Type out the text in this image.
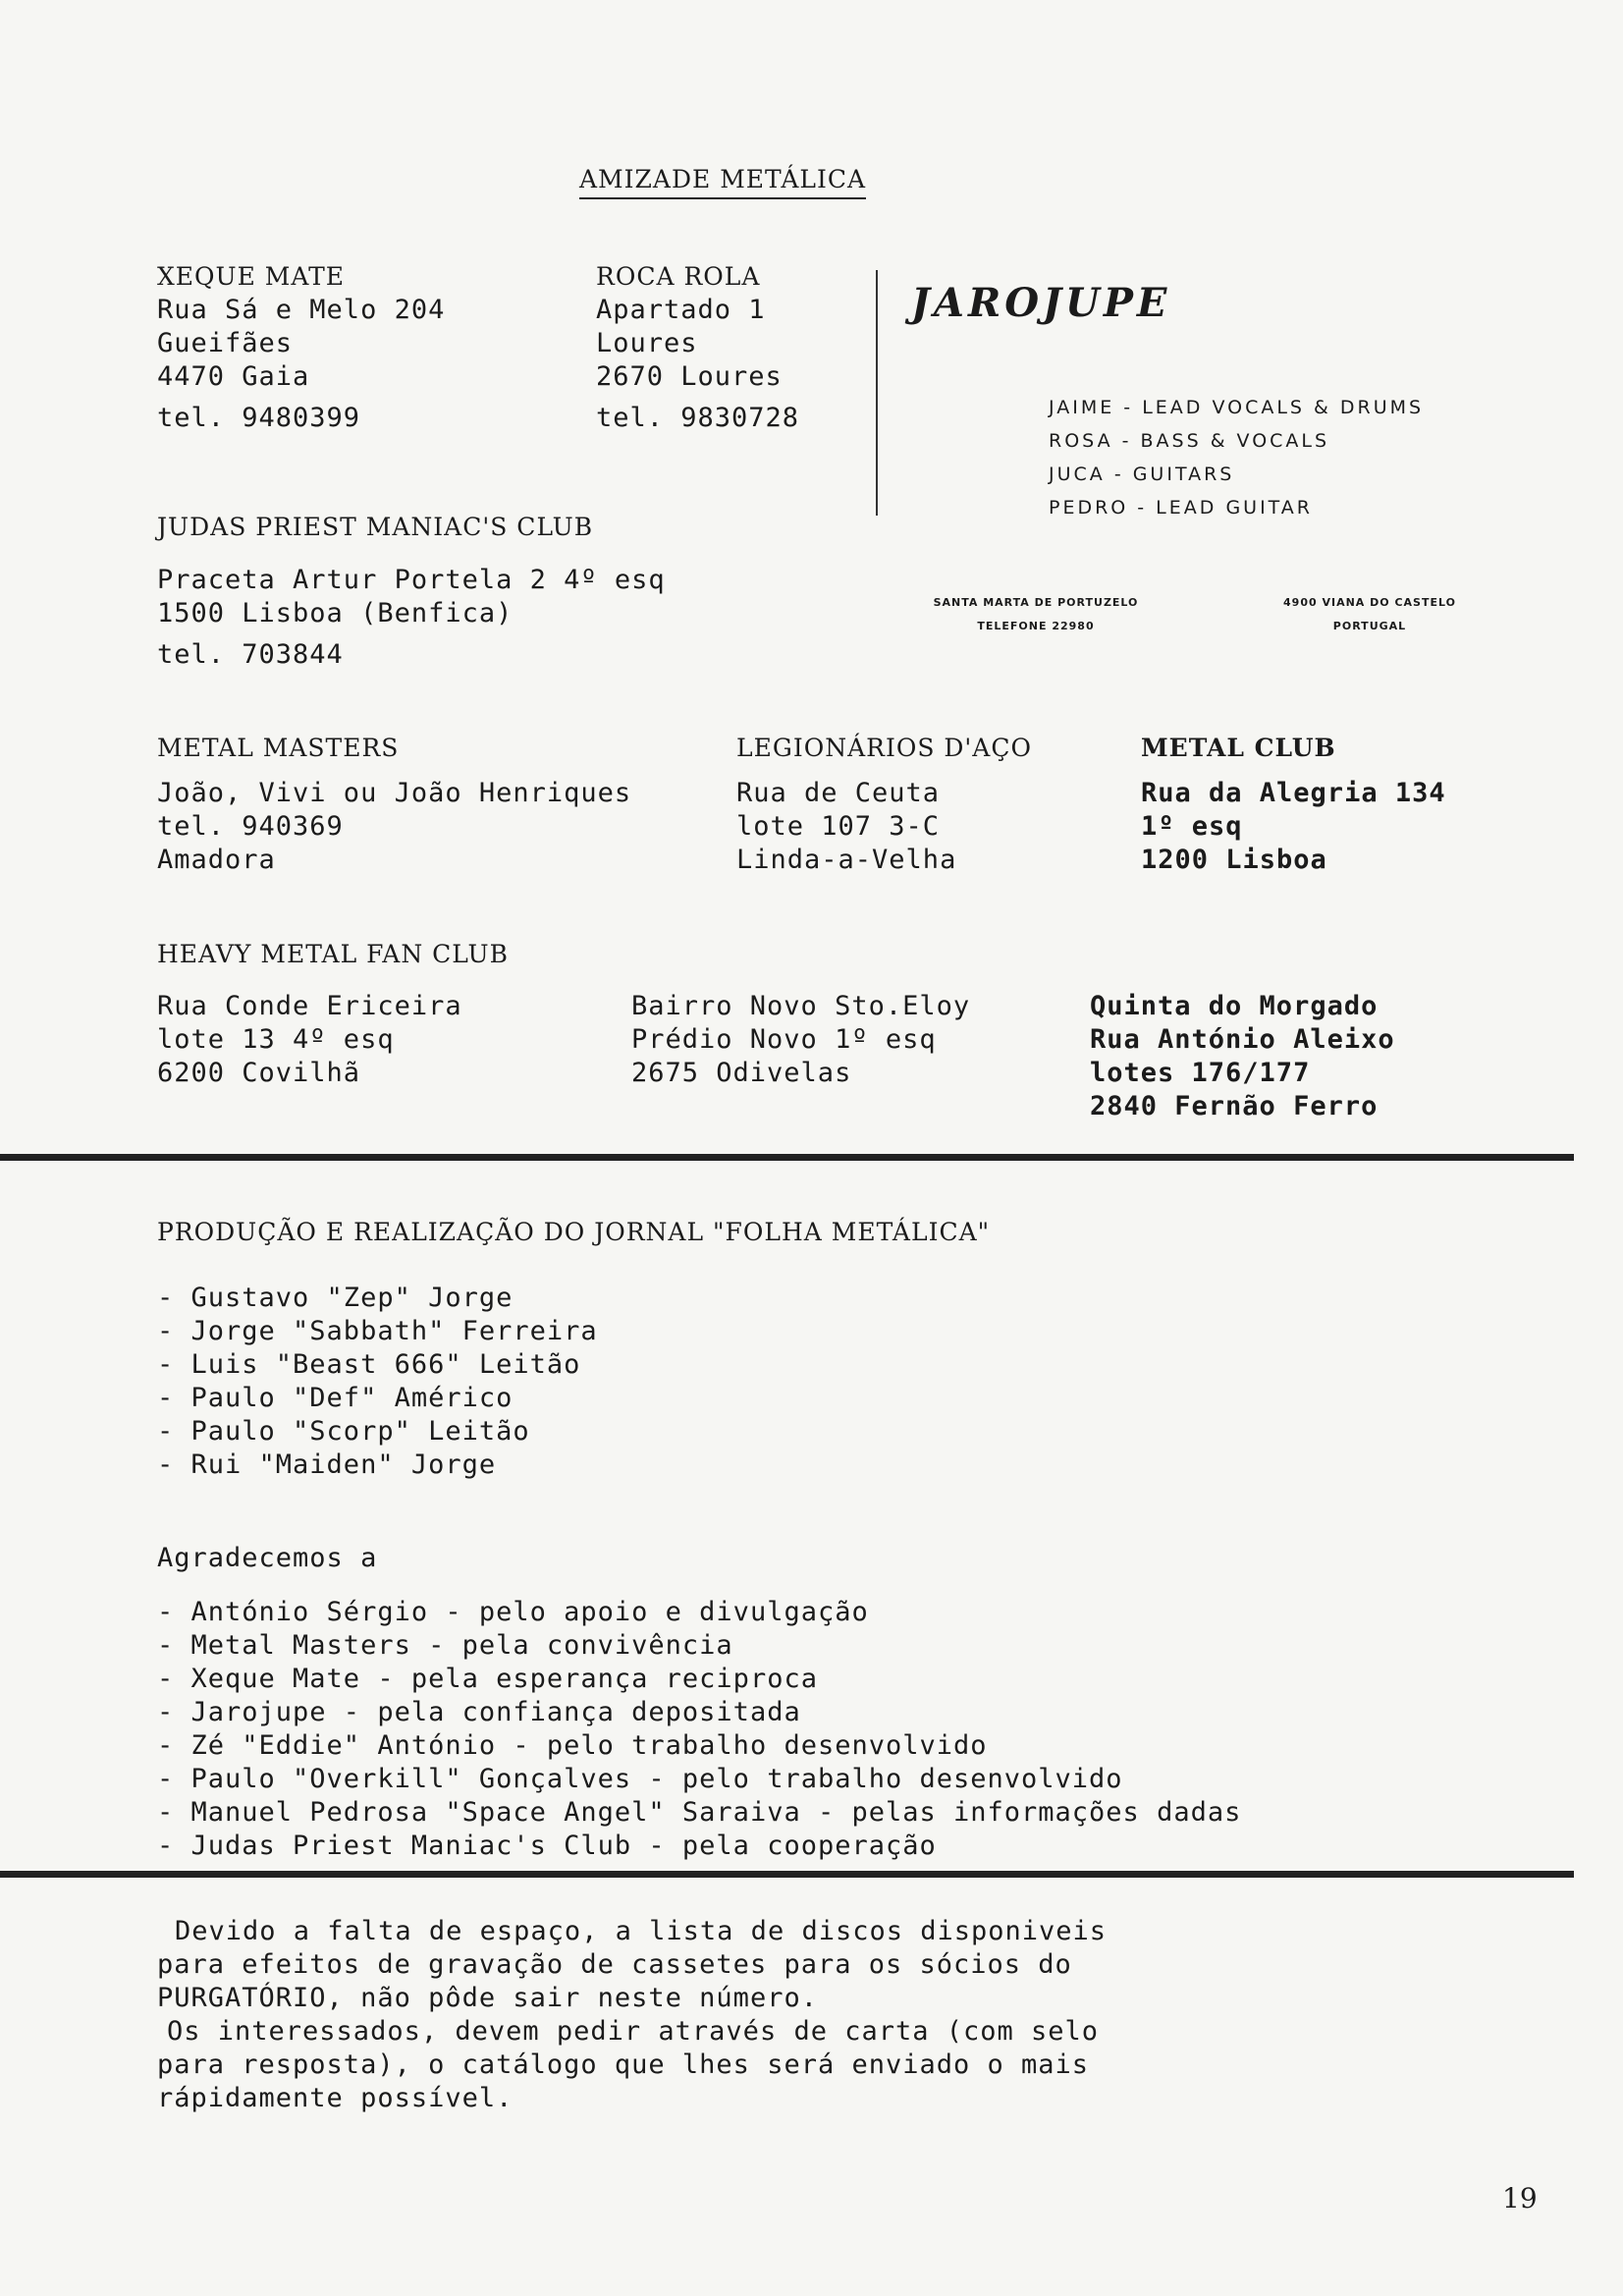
AMIZADE METÁLICA
XEQUE MATE
Rua Sá e Melo 204
Gueifães
4470 Gaia
tel. 9480399
ROCA ROLA
Apartado 1
Loures
2670 Loures
tel. 9830728
JAROJUPE
JAIME - LEAD VOCALS & DRUMS
ROSA - BASS & VOCALS
JUCA - GUITARS
PEDRO - LEAD GUITAR
SANTA MARTA DE PORTUZELO
TELEFONE 22980
4900 VIANA DO CASTELO
PORTUGAL
JUDAS PRIEST MANIAC'S CLUB
Praceta Artur Portela 2 4º esq
1500 Lisboa (Benfica)
tel. 703844
METAL MASTERS
João, Vivi ou João Henriques
tel. 940369
Amadora
LEGIONÁRIOS D'AÇO
Rua de Ceuta
lote 107 3-C
Linda-a-Velha
METAL CLUB
Rua da Alegria 134
1º esq
1200 Lisboa
HEAVY METAL FAN CLUB
Rua Conde Ericeira
lote 13 4º esq
6200 Covilhã
Bairro Novo Sto.Eloy
Prédio Novo 1º esq
2675 Odivelas
Quinta do Morgado
Rua António Aleixo
lotes 176/177
2840 Fernão Ferro
PRODUÇÃO E REALIZAÇÃO DO JORNAL "FOLHA METÁLICA"
- Gustavo "Zep" Jorge
- Jorge "Sabbath" Ferreira
- Luis "Beast 666" Leitão
- Paulo "Def" Américo
- Paulo "Scorp" Leitão
- Rui "Maiden" Jorge
Agradecemos a
- António Sérgio - pelo apoio e divulgação
- Metal Masters - pela convivência
- Xeque Mate - pela esperança reciproca
- Jarojupe - pela confiança depositada
- Zé "Eddie" António - pelo trabalho desenvolvido
- Paulo "Overkill" Gonçalves - pelo trabalho desenvolvido
- Manuel Pedrosa "Space Angel" Saraiva - pelas informações dadas
- Judas Priest Maniac's Club - pela cooperação
Devido a falta de espaço, a lista de discos disponiveis
para efeitos de gravação de cassetes para os sócios do
PURGATÓRIO, não pôde sair neste número.
Os interessados, devem pedir através de carta (com selo
para resposta), o catálogo que lhes será enviado o mais
rápidamente possível.
19
